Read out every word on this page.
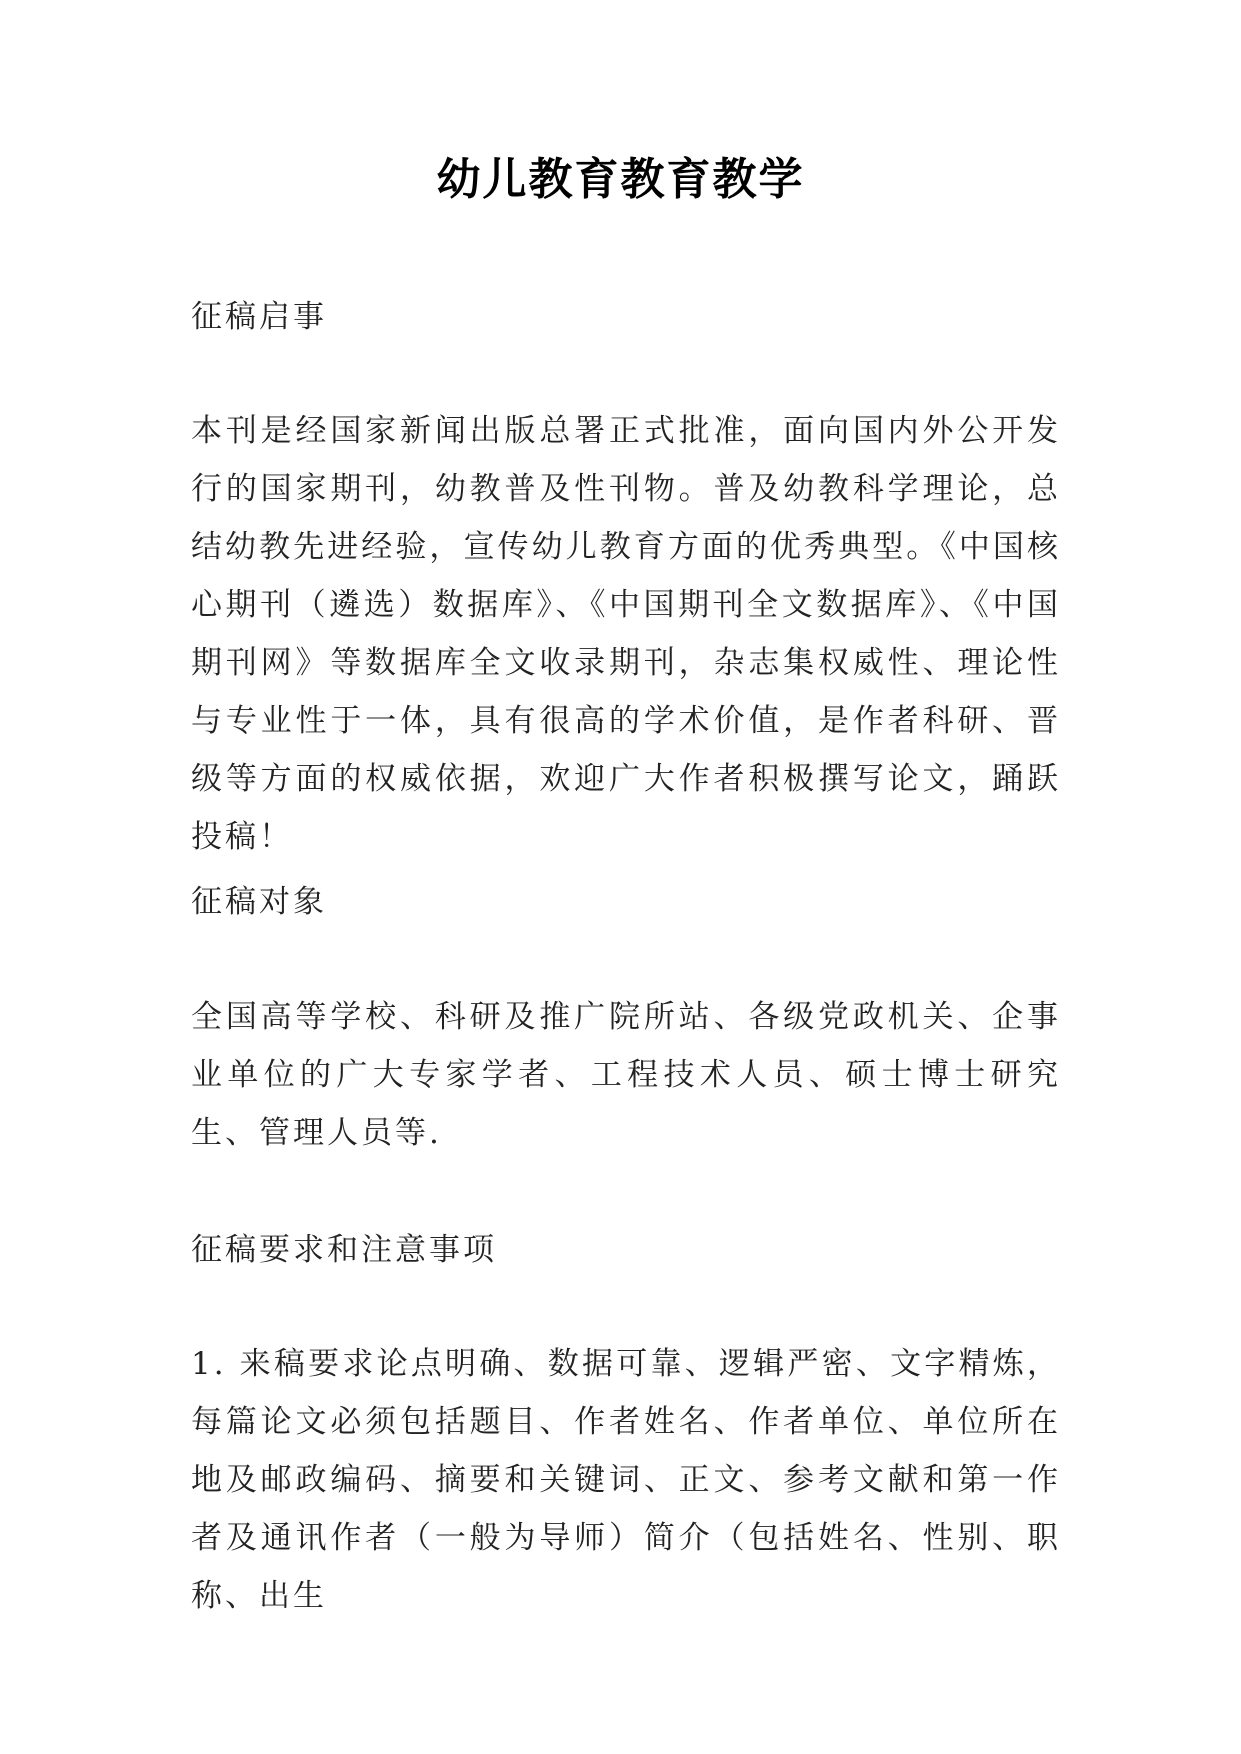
幼儿教育教育教学

征稿启事

本刊是经国家新闻出版总署正式批准，面向国内外公开发行的国家期刊，幼教普及性刊物。普及幼教科学理论，总结幼教先进经验，宣传幼儿教育方面的优秀典型。《中国核心期刊（遴选）数据库》、《中国期刊全文数据库》、《中国期刊网》等数据库全文收录期刊，杂志集权威性、理论性与专业性于一体，具有很高的学术价值，是作者科研、晋级等方面的权威依据，欢迎广大作者积极撰写论文，踊跃投稿！

征稿对象

全国高等学校、科研及推广院所站、各级党政机关、企事业单位的广大专家学者、工程技术人员、硕士博士研究生、管理人员等.

征稿要求和注意事项

1. 来稿要求论点明确、数据可靠、逻辑严密、文字精炼，每篇论文必须包括题目、作者姓名、作者单位、单位所在地及邮政编码、摘要和关键词、正文、参考文献和第一作者及通讯作者（一般为导师）简介（包括姓名、性别、职称、出生
